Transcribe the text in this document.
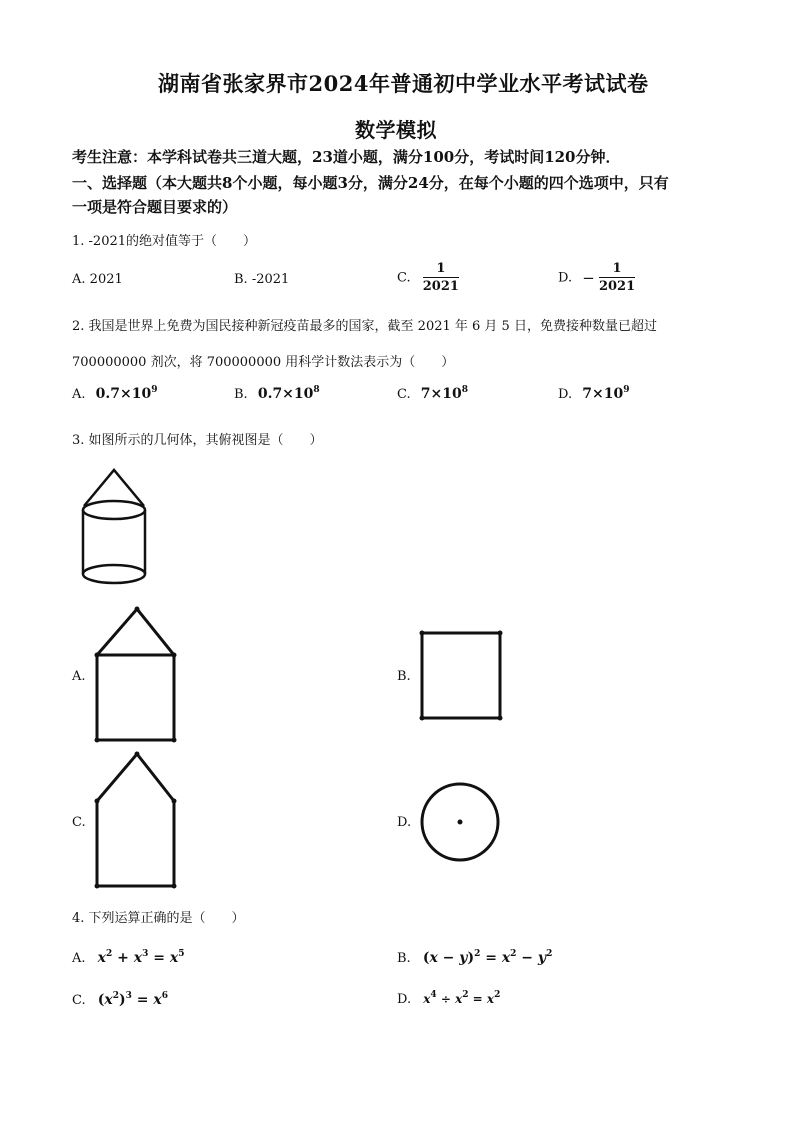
湖南省张家界市2024年普通初中学业水平考试试卷
数学模拟
考生注意：本学科试卷共三道大题，23道小题，满分100分，考试时间120分钟．
一、选择题（本大题共8个小题，每小题3分，满分24分，在每个小题的四个选项中，只有
一项是符合题目要求的）
1. -2021的绝对值等于（　　）
A. 2021	B. -2021	C. $\frac{1}{2021}$	D. − $\frac{1}{2021}$
2. 我国是世界上免费为国民接种新冠疫苗最多的国家，截至 2021 年 6 月 5 日，免费接种数量已超过
700000000 剂次，将 700000000 用科学计数法表示为（　　）
A. $0.7\times 10^9$	B. $0.7\times 10^8$	C. $7\times 10^8$	D. $7\times 10^9$
3. 如图所示的几何体，其俯视图是（　　）
A.	B.
C.	D.
4. 下列运算正确的是（　　）
A. $x^2 + x^3 = x^5$	B. $(x - y)^2 = x^2 - y^2$
C. $(x^2)^3 = x^6$	D. $x^4 \div x^2 = x^2$
